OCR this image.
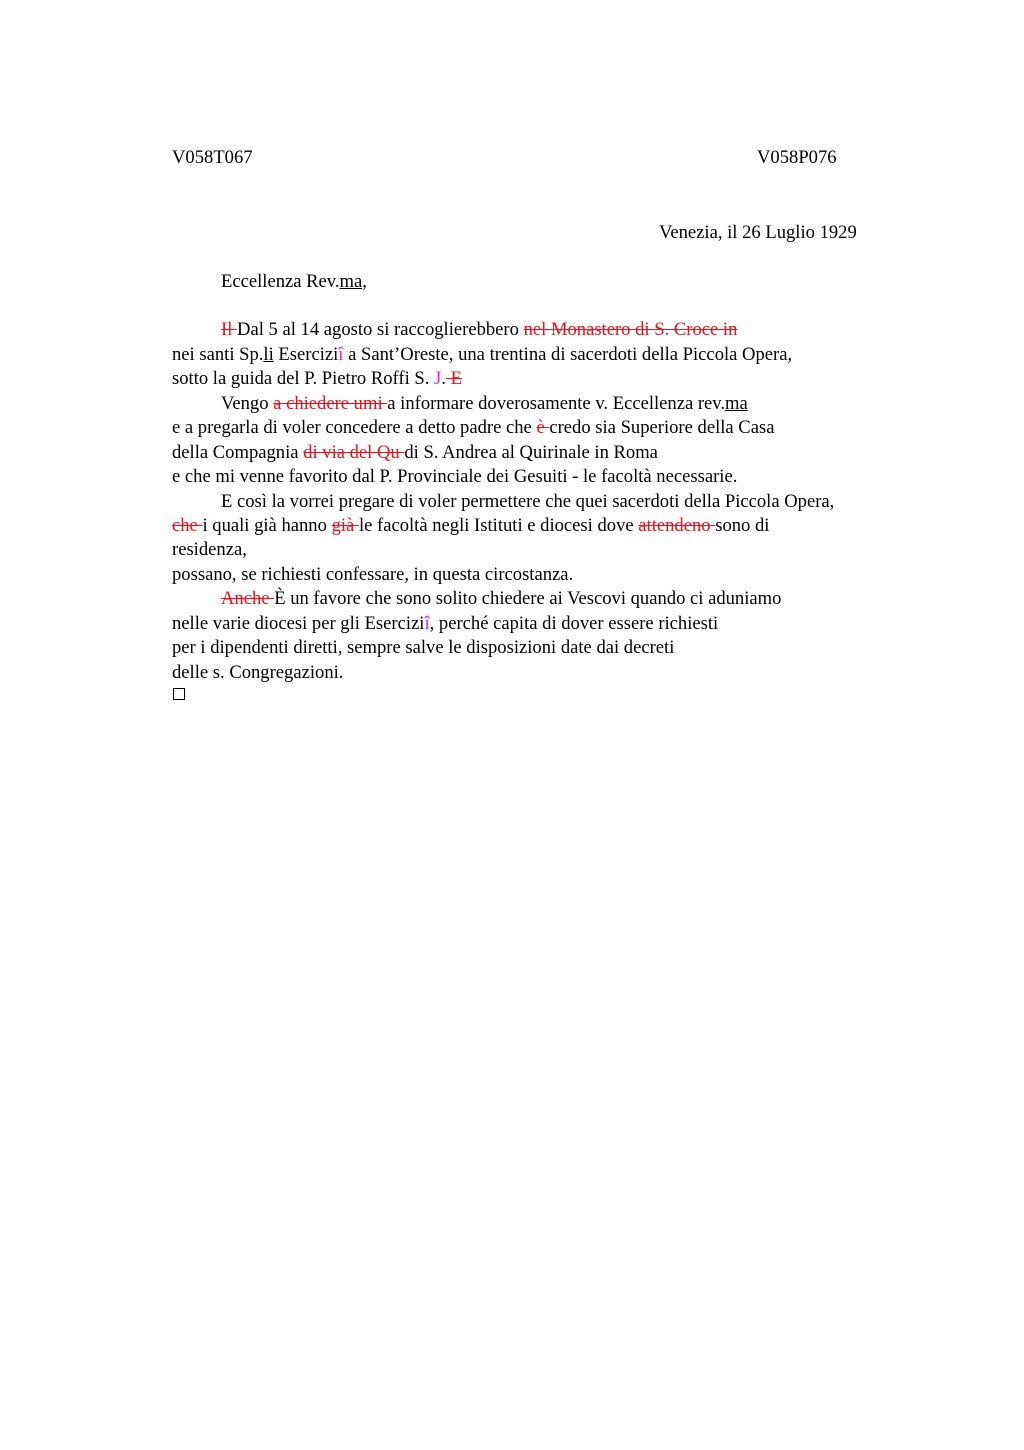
V058T067	V058P076
Venezia, il 26 Luglio 1929
Eccellenza Rev.ma,
Il Dal 5 al 14 agosto si raccoglierebbero nel Monastero di S. Croce in
nei santi Sp.li Eserciziî a Sant’Oreste, una trentina di sacerdoti della Piccola Opera,
sotto la guida del P. Pietro Roffi S. J. E
Vengo a chiedere umi a informare doverosamente v. Eccellenza rev.ma
e a pregarla di voler concedere a detto padre che è credo sia Superiore della Casa
della Compagnia di via del Qu di S. Andrea al Quirinale in Roma
e che mi venne favorito dal P. Provinciale dei Gesuiti - le facoltà necessarie.
E così la vorrei pregare di voler permettere che quei sacerdoti della Piccola Opera,
che i quali già hanno già le facoltà negli Istituti e diocesi dove attendeno sono di
residenza,
possano, se richiesti confessare, in questa circostanza.
Anche È un favore che sono solito chiedere ai Vescovi quando ci aduniamo
nelle varie diocesi per gli Eserciziî, perché capita di dover essere richiesti
per i dipendenti diretti, sempre salve le disposizioni date dai decreti
delle s. Congregazioni.
